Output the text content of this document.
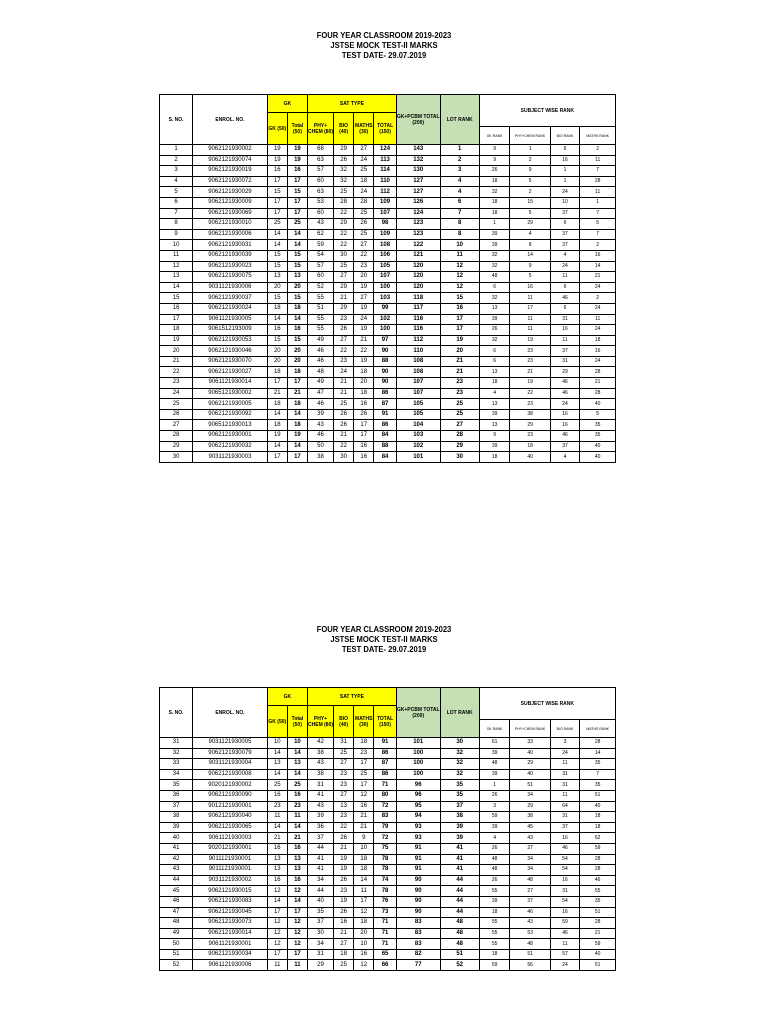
FOUR YEAR CLASSROOM 2019-2023
JSTSE MOCK TEST-II MARKS
TEST DATE- 29.07.2019
S. NO.	ENROL. NO.	GK		SAT TYPE				GK+PCBM TOTAL (200)	LOT RANK	SUBJECT WISE RANK			
		GK (50)	Total (50)	PHY+ CHEM (80)	BIO (40)	MATHS (30)	TOTAL (150)						
										GK RANK	PHY+CHEM RANK	BIO RANK	MATHS RANK
1	9062121930002	19	19	68	29	27	124	143	1	9	1	6	2
2	9062121930074	19	19	63	26	24	113	132	2	9	2	16	11
3	9062121930019	16	16	57	32	25	114	130	3	26	9	1	7
4	9062121930072	17	17	60	32	18	110	127	4	18	5	1	28
5	9062121930029	15	15	63	25	24	112	127	4	32	2	24	11
6	9062121930009	17	17	53	28	28	109	126	6	18	15	10	1
7	9062121930069	17	17	60	22	25	107	124	7	18	5	37	7
8	9062121930010	25	25	43	29	26	98	123	8	1	29	6	5
9	9062121930006	14	14	62	22	25	109	123	8	39	4	37	7
10	9062121930031	14	14	59	22	27	108	122	10	39	8	37	2
11	9062121930039	15	15	54	30	22	106	121	11	32	14	4	16
12	9062121930023	15	15	57	25	23	105	120	12	32	9	24	14
13	9062121930075	13	13	60	27	20	107	120	12	48	5	11	21
14	9031121930006	20	20	52	29	19	100	120	12	6	16	6	24
15	9062121930037	15	15	55	21	27	103	118	15	32	11	46	2
16	9062121930024	18	18	51	29	19	99	117	16	13	17	6	24
17	9061121930005	14	14	55	23	24	102	116	17	39	11	31	11
18	9061512193009	16	16	55	26	19	100	116	17	26	11	16	24
19	9062121930053	15	15	49	27	21	97	112	19	32	19	11	18
20	9062121930046	20	20	46	22	22	90	110	20	6	23	37	16
21	9062121930070	20	20	46	23	19	88	108	21	6	23	31	24
22	9062121930027	18	18	48	24	18	90	108	21	13	21	29	28
23	9061121930014	17	17	49	21	20	90	107	23	18	19	46	21
24	9065121930002	21	21	47	21	18	86	107	23	4	22	46	28
25	9062121930005	18	18	46	25	16	87	105	25	13	23	24	40
26	9062121930092	14	14	39	26	26	91	105	25	39	38	16	5
27	9065121930013	18	18	43	26	17	86	104	27	13	29	16	35
28	9062121930001	19	19	46	21	17	84	103	28	9	23	46	35
29	9062121930032	14	14	50	22	16	88	102	29	39	18	37	40
30	9031121930003	17	17	38	30	16	84	101	30	18	40	4	40
FOUR YEAR CLASSROOM 2019-2023
JSTSE MOCK TEST-II MARKS
TEST DATE- 29.07.2019
S. NO.	ENROL. NO.	GK		SAT TYPE				GK+PCBM TOTAL (200)	LOT RANK	SUBJECT WISE RANK			
		GK (50)	Total (50)	PHY+ CHEM (80)	BIO (40)	MATHS (30)	TOTAL (150)						
										GK RANK	PHY+CHEM RANK	BIO RANK	MATHS RANK
31	9031121930005	10	10	42	31	18	91	101	30	61	33	3	28
32	9062121930079	14	14	38	25	23	86	100	32	39	40	24	14
33	9031121930004	13	13	43	27	17	87	100	32	48	29	11	35
34	9062121930008	14	14	38	23	25	86	100	32	39	40	31	7
35	9020121930002	25	25	31	23	17	71	96	35	1	51	31	35
36	9062121930090	16	16	41	27	12	80	96	35	26	34	11	51
37	9012121930001	23	23	43	13	16	72	95	37	3	29	64	40
38	9062121930040	11	11	39	23	21	83	94	38	59	38	31	18
39	9062121930065	14	14	36	22	21	79	93	39	39	45	37	18
40	9061121930003	21	21	37	26	9	72	93	39	4	43	16	62
41	9020121930001	16	16	44	21	10	75	91	41	26	27	46	59
42	9011121930001	13	13	41	19	18	78	91	41	48	34	54	28
43	9011121930001	13	13	41	19	18	78	91	41	48	34	54	28
44	9031121930002	16	16	34	26	14	74	90	44	26	48	16	46
45	9062121930015	12	12	44	23	11	78	90	44	55	27	31	55
46	9062121930083	14	14	40	19	17	76	90	44	39	37	54	35
47	9062121930045	17	17	35	26	12	73	90	44	18	46	16	51
48	9062121930073	12	12	37	16	18	71	83	48	55	43	59	28
49	9062121930014	12	12	30	21	20	71	83	48	55	53	46	21
50	9061121930001	12	12	34	27	10	71	83	48	55	48	11	59
51	9062121930034	17	17	31	18	16	65	82	51	18	51	57	40
52	9061121930006	11	11	29	25	12	66	77	52	59	56	24	51
